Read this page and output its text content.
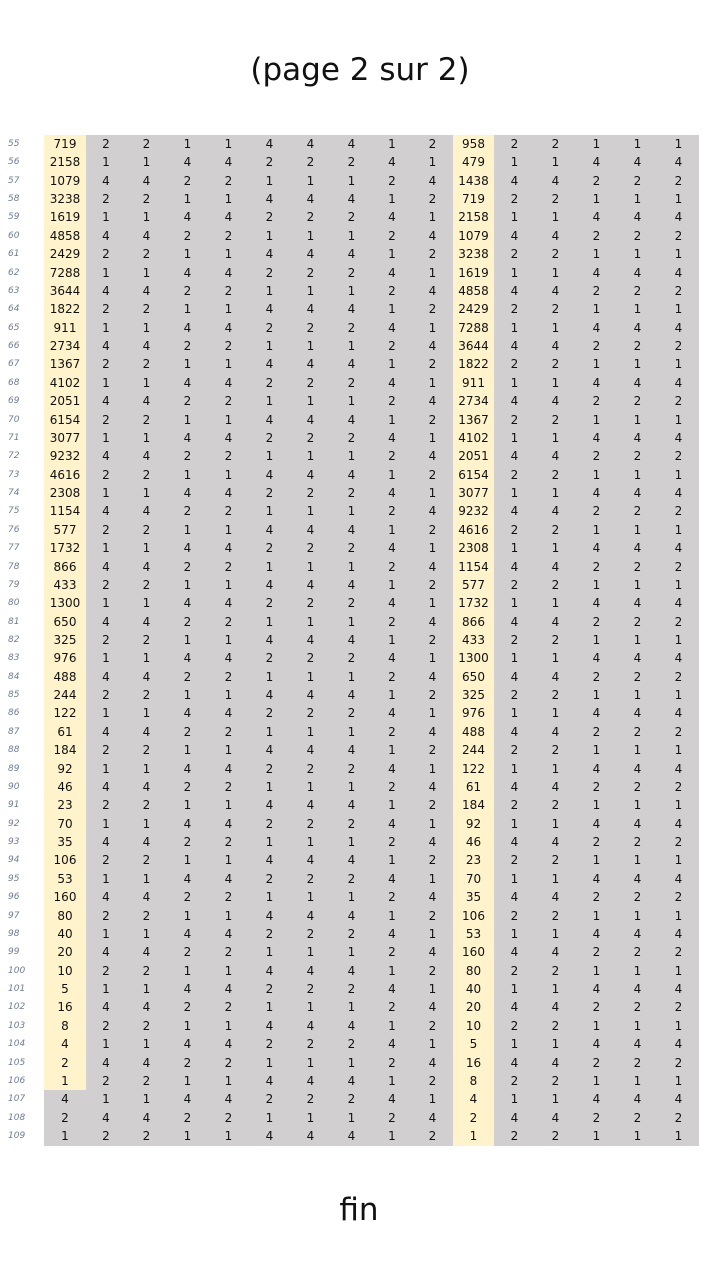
(page 2 sur 2)
55	719	2	2	1	1	4	4	4	1	2	958	2	2	1	1	1
56	2158	1	1	4	4	2	2	2	4	1	479	1	1	4	4	4
57	1079	4	4	2	2	1	1	1	2	4	1438	4	4	2	2	2
58	3238	2	2	1	1	4	4	4	1	2	719	2	2	1	1	1
59	1619	1	1	4	4	2	2	2	4	1	2158	1	1	4	4	4
60	4858	4	4	2	2	1	1	1	2	4	1079	4	4	2	2	2
61	2429	2	2	1	1	4	4	4	1	2	3238	2	2	1	1	1
62	7288	1	1	4	4	2	2	2	4	1	1619	1	1	4	4	4
63	3644	4	4	2	2	1	1	1	2	4	4858	4	4	2	2	2
64	1822	2	2	1	1	4	4	4	1	2	2429	2	2	1	1	1
65	911	1	1	4	4	2	2	2	4	1	7288	1	1	4	4	4
66	2734	4	4	2	2	1	1	1	2	4	3644	4	4	2	2	2
67	1367	2	2	1	1	4	4	4	1	2	1822	2	2	1	1	1
68	4102	1	1	4	4	2	2	2	4	1	911	1	1	4	4	4
69	2051	4	4	2	2	1	1	1	2	4	2734	4	4	2	2	2
70	6154	2	2	1	1	4	4	4	1	2	1367	2	2	1	1	1
71	3077	1	1	4	4	2	2	2	4	1	4102	1	1	4	4	4
72	9232	4	4	2	2	1	1	1	2	4	2051	4	4	2	2	2
73	4616	2	2	1	1	4	4	4	1	2	6154	2	2	1	1	1
74	2308	1	1	4	4	2	2	2	4	1	3077	1	1	4	4	4
75	1154	4	4	2	2	1	1	1	2	4	9232	4	4	2	2	2
76	577	2	2	1	1	4	4	4	1	2	4616	2	2	1	1	1
77	1732	1	1	4	4	2	2	2	4	1	2308	1	1	4	4	4
78	866	4	4	2	2	1	1	1	2	4	1154	4	4	2	2	2
79	433	2	2	1	1	4	4	4	1	2	577	2	2	1	1	1
80	1300	1	1	4	4	2	2	2	4	1	1732	1	1	4	4	4
81	650	4	4	2	2	1	1	1	2	4	866	4	4	2	2	2
82	325	2	2	1	1	4	4	4	1	2	433	2	2	1	1	1
83	976	1	1	4	4	2	2	2	4	1	1300	1	1	4	4	4
84	488	4	4	2	2	1	1	1	2	4	650	4	4	2	2	2
85	244	2	2	1	1	4	4	4	1	2	325	2	2	1	1	1
86	122	1	1	4	4	2	2	2	4	1	976	1	1	4	4	4
87	61	4	4	2	2	1	1	1	2	4	488	4	4	2	2	2
88	184	2	2	1	1	4	4	4	1	2	244	2	2	1	1	1
89	92	1	1	4	4	2	2	2	4	1	122	1	1	4	4	4
90	46	4	4	2	2	1	1	1	2	4	61	4	4	2	2	2
91	23	2	2	1	1	4	4	4	1	2	184	2	2	1	1	1
92	70	1	1	4	4	2	2	2	4	1	92	1	1	4	4	4
93	35	4	4	2	2	1	1	1	2	4	46	4	4	2	2	2
94	106	2	2	1	1	4	4	4	1	2	23	2	2	1	1	1
95	53	1	1	4	4	2	2	2	4	1	70	1	1	4	4	4
96	160	4	4	2	2	1	1	1	2	4	35	4	4	2	2	2
97	80	2	2	1	1	4	4	4	1	2	106	2	2	1	1	1
98	40	1	1	4	4	2	2	2	4	1	53	1	1	4	4	4
99	20	4	4	2	2	1	1	1	2	4	160	4	4	2	2	2
100	10	2	2	1	1	4	4	4	1	2	80	2	2	1	1	1
101	5	1	1	4	4	2	2	2	4	1	40	1	1	4	4	4
102	16	4	4	2	2	1	1	1	2	4	20	4	4	2	2	2
103	8	2	2	1	1	4	4	4	1	2	10	2	2	1	1	1
104	4	1	1	4	4	2	2	2	4	1	5	1	1	4	4	4
105	2	4	4	2	2	1	1	1	2	4	16	4	4	2	2	2
106	1	2	2	1	1	4	4	4	1	2	8	2	2	1	1	1
107	4	1	1	4	4	2	2	2	4	1	4	1	1	4	4	4
108	2	4	4	2	2	1	1	1	2	4	2	4	4	2	2	2
109	1	2	2	1	1	4	4	4	1	2	1	2	2	1	1	1
fin
